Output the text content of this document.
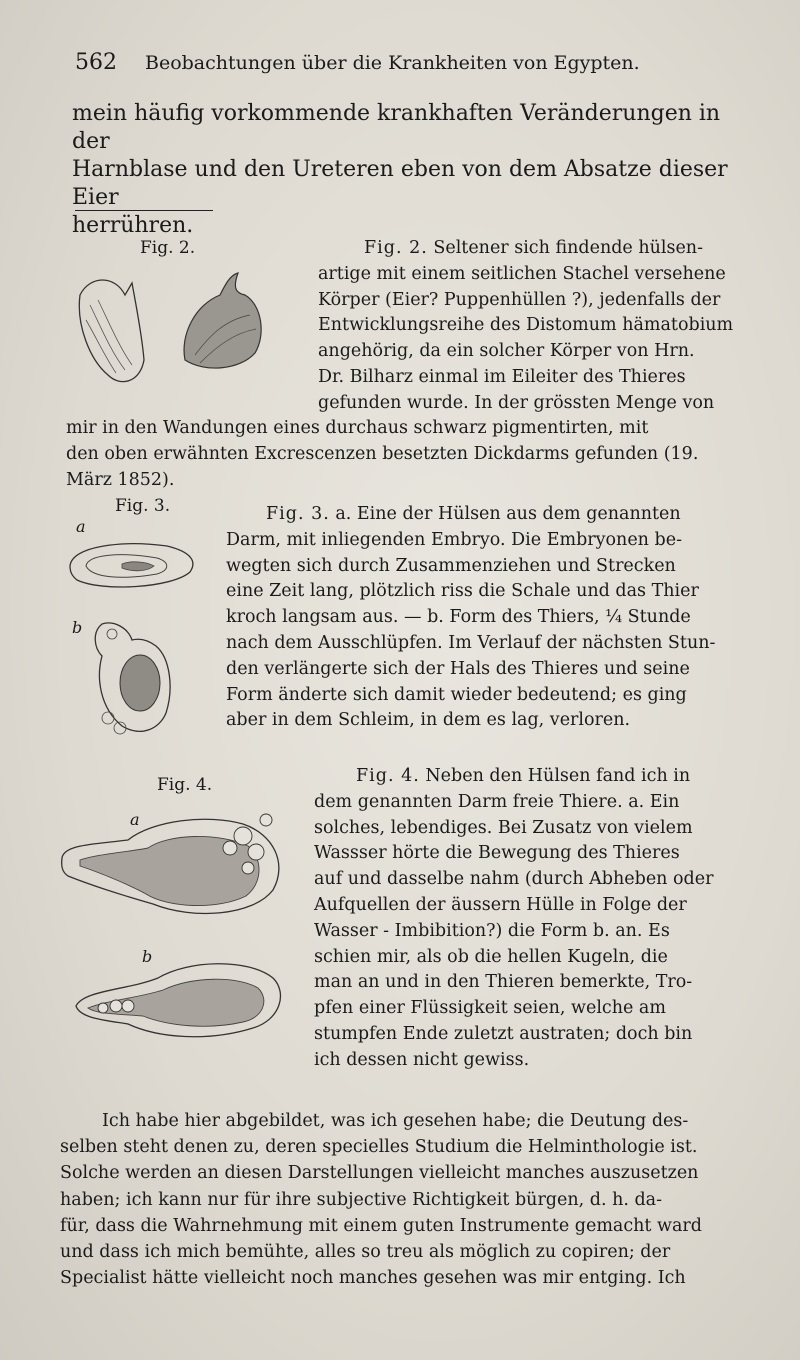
562 Beobachtungen über die Krankheiten von Egypten.
mein häufig vorkommende krankhaften Veränderungen in der
Harnblase und den Ureteren eben von dem Absatze dieser Eier
herrühren.
Fig. 2.	Fig. 2. Seltener sich findende hülsen-
artige mit einem seitlichen Stachel versehene
Körper (Eier? Puppenhüllen ?), jedenfalls der
Entwicklungsreihe des Distomum hämatobium
angehörig, da ein solcher Körper von Hrn.
Dr. Bilharz einmal im Eileiter des Thieres
gefunden wurde. In der grössten Menge von
mir in den Wandungen eines durchaus schwarz pigmentirten, mit
den oben erwähnten Excrescenzen besetzten Dickdarms gefunden (19.
März 1852).
Fig. 3.
a
b
Fig. 3. a. Eine der Hülsen aus dem genannten
Darm, mit inliegenden Embryo. Die Embryonen be-
wegten sich durch Zusammenziehen und Strecken
eine Zeit lang, plötzlich riss die Schale und das Thier
kroch langsam aus. — b. Form des Thiers, ¼ Stunde
nach dem Ausschlüpfen. Im Verlauf der nächsten Stun-
den verlängerte sich der Hals des Thieres und seine
Form änderte sich damit wieder bedeutend; es ging
aber in dem Schleim, in dem es lag, verloren.
Fig. 4.
a
b
Fig. 4. Neben den Hülsen fand ich in
dem genannten Darm freie Thiere. a. Ein
solches, lebendiges. Bei Zusatz von vielem
Wassser hörte die Bewegung des Thieres
auf und dasselbe nahm (durch Abheben oder
Aufquellen der äussern Hülle in Folge der
Wasser - Imbibition?) die Form b. an. Es
schien mir, als ob die hellen Kugeln, die
man an und in den Thieren bemerkte, Tro-
pfen einer Flüssigkeit seien, welche am
stumpfen Ende zuletzt austraten; doch bin
ich dessen nicht gewiss.
Ich habe hier abgebildet, was ich gesehen habe; die Deutung des-
selben steht denen zu, deren specielles Studium die Helminthologie ist.
Solche werden an diesen Darstellungen vielleicht manches auszusetzen
haben; ich kann nur für ihre subjective Richtigkeit bürgen, d. h. da-
für, dass die Wahrnehmung mit einem guten Instrumente gemacht ward
und dass ich mich bemühte, alles so treu als möglich zu copiren; der
Specialist hätte vielleicht noch manches gesehen was mir entging. Ich
